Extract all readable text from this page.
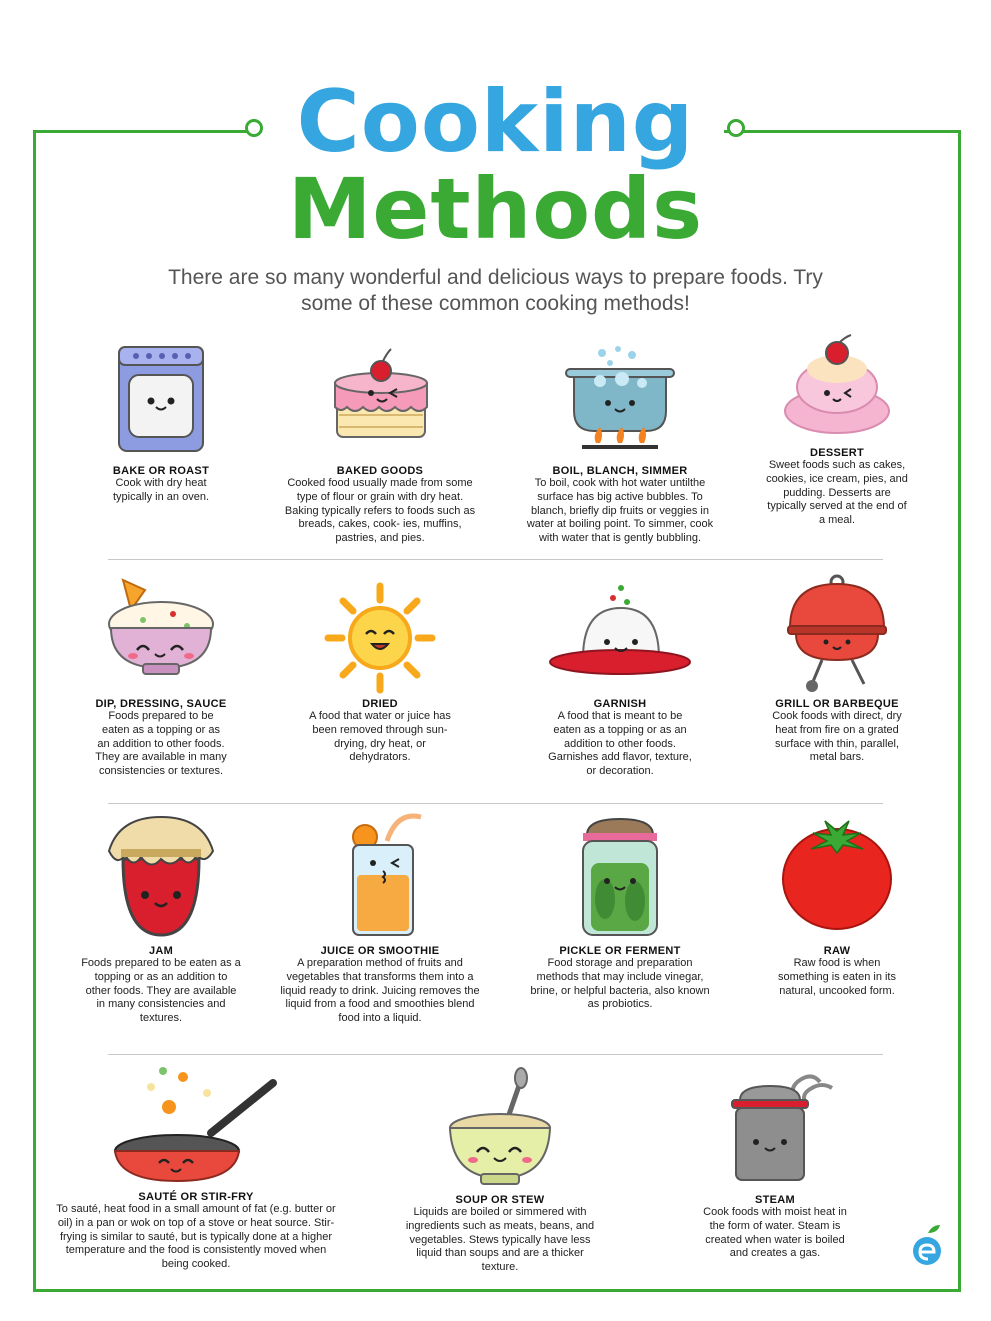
Cooking
Methods
There are so many wonderful and delicious ways to prepare foods. Try some of these common cooking methods!
BAKE OR ROAST
Cook with dry heat typically in an oven.
BAKED GOODS
Cooked food usually made from some type of flour or grain with dry heat. Baking typically refers to foods such as breads, cakes, cook- ies, muffins, pastries, and pies.
BOIL, BLANCH, SIMMER
To boil, cook with hot water untilthe surface has big active bubbles. To blanch, briefly dip fruits or veggies in water at boiling point. To simmer, cook with water that is gently bubbling.
DESSERT
Sweet foods such as cakes, cookies, ice cream, pies, and pudding. Desserts are typically served at the end of a meal.
DIP, DRESSING, SAUCE
Foods prepared to be eaten as a topping or as an addition to other foods. They are available in many consistencies or textures.
DRIED
A food that water or juice has been removed through sun- drying, dry heat, or dehydrators.
GARNISH
A food that is meant to be eaten as a topping or as an addition to other foods. Garnishes add flavor, texture, or decoration.
GRILL OR BARBEQUE
Cook foods with direct, dry heat from fire on a grated surface with thin, parallel, metal bars.
JAM
Foods prepared to be eaten as a topping or as an addition to other foods. They are available in many consistencies and textures.
JUICE OR SMOOTHIE
A preparation method of fruits and vegetables that transforms them into a liquid ready to drink. Juicing removes the liquid from a food and smoothies blend food into a liquid.
PICKLE OR FERMENT
Food storage and preparation methods that may include vinegar, brine, or helpful bacteria, also known as probiotics.
RAW
Raw food is when something is eaten in its natural, uncooked form.
SAUTÉ OR STIR-FRY
To sauté, heat food in a small amount of fat (e.g. butter or oil) in a pan or wok on top of a stove or heat source. Stir-frying is similar to sauté, but is typically done at a higher temperature and the food is consistently moved when being cooked.
SOUP OR STEW
Liquids are boiled or simmered with ingredients such as meats, beans, and vegetables. Stews typically have less liquid than soups and are a thicker texture.
STEAM
Cook foods with moist heat in the form of water. Steam is created when water is boiled and creates a gas.
